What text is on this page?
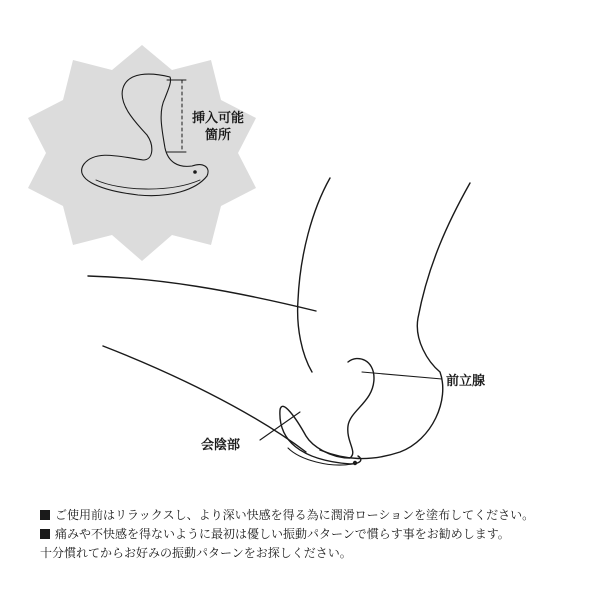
挿入可能
箇所
前立腺
会陰部
ご使用前はリラックスし、より深い快感を得る為に潤滑ローションを塗布してください。
痛みや不快感を得ないように最初は優しい振動パターンで慣らす事をお勧めします。
十分慣れてからお好みの振動パターンをお探しください。
